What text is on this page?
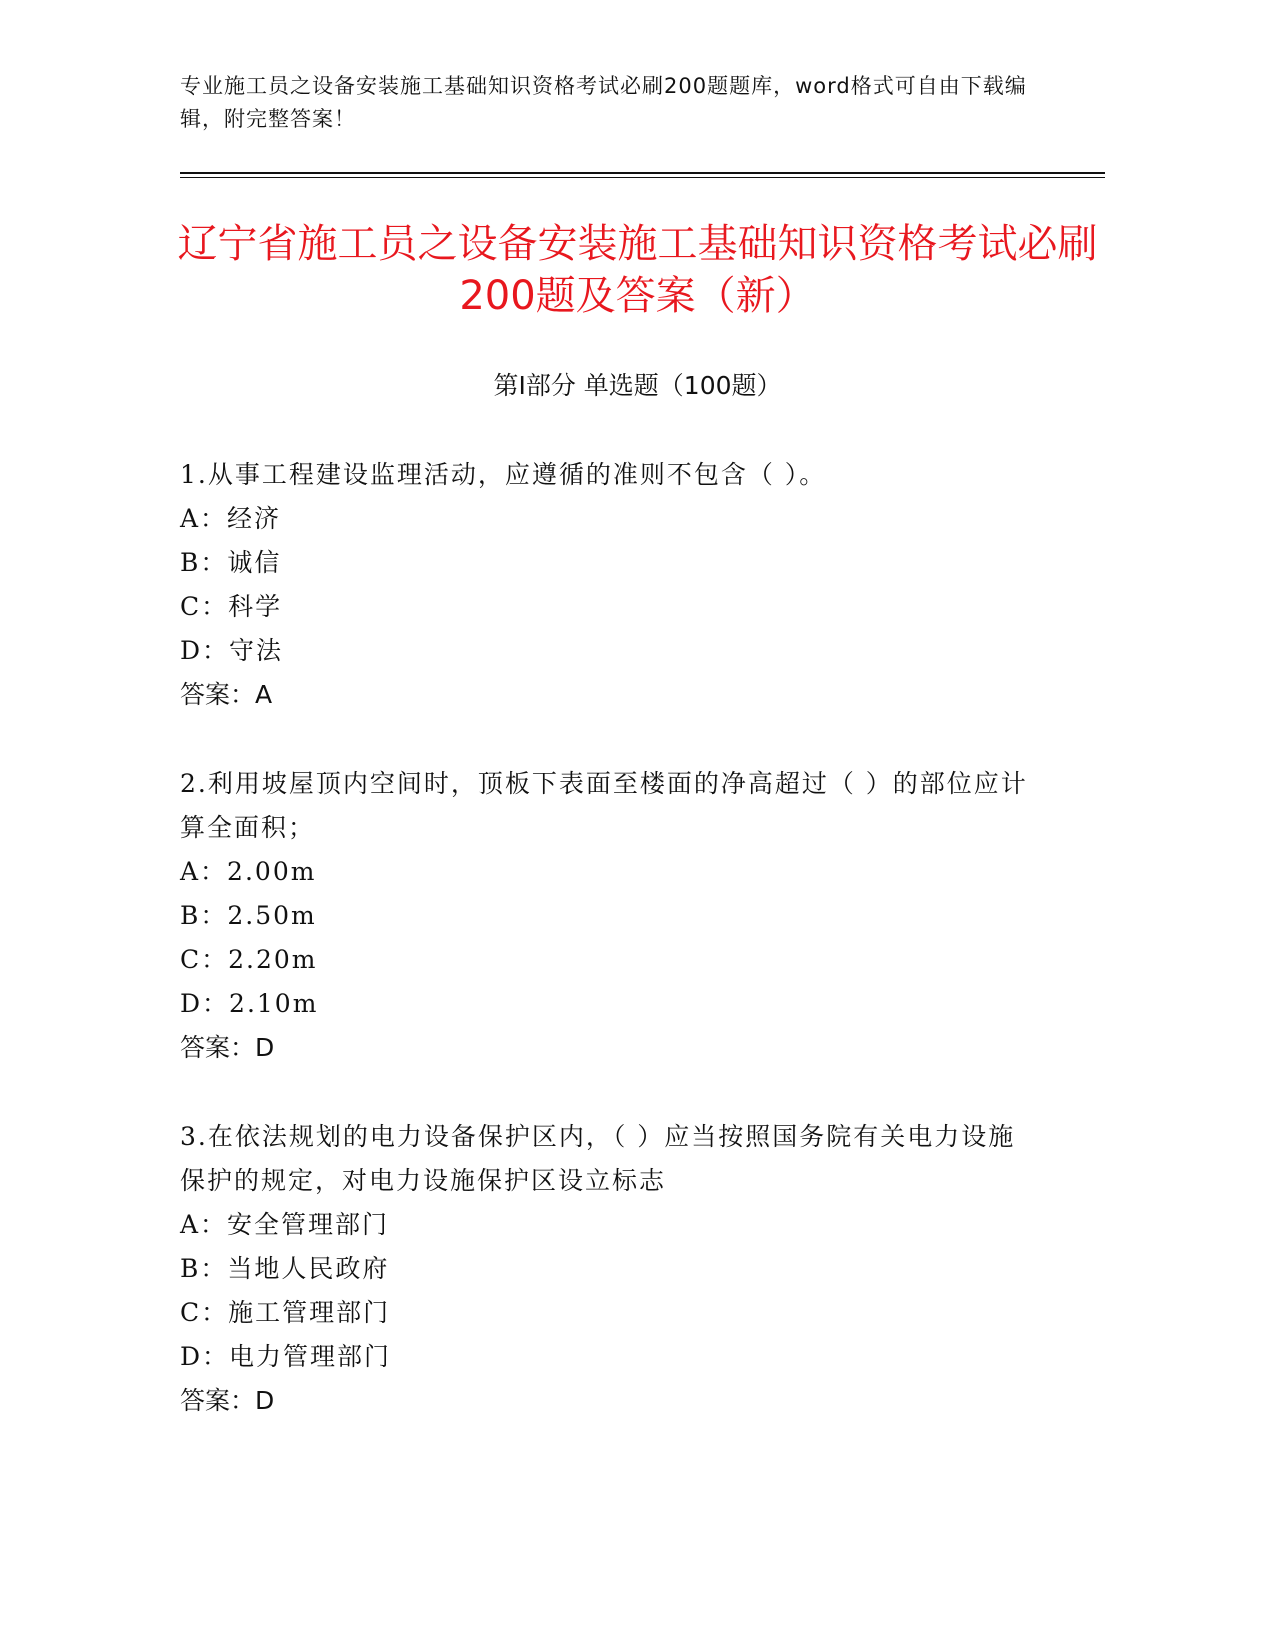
专业施工员之设备安装施工基础知识资格考试必刷200题题库，word格式可自由下载编辑，附完整答案！
辽宁省施工员之设备安装施工基础知识资格考试必刷200题及答案（新）
第Ⅰ部分 单选题（100题）
1.从事工程建设监理活动，应遵循的准则不包含（ ）。
A：经济
B：诚信
C：科学
D：守法
答案：A
2.利用坡屋顶内空间时，顶板下表面至楼面的净高超过（ ）的部位应计算全面积；
A：2.00m
B：2.50m
C：2.20m
D：2.10m
答案：D
3.在依法规划的电力设备保护区内，（ ）应当按照国务院有关电力设施保护的规定，对电力设施保护区设立标志
A：安全管理部门
B：当地人民政府
C：施工管理部门
D：电力管理部门
答案：D
